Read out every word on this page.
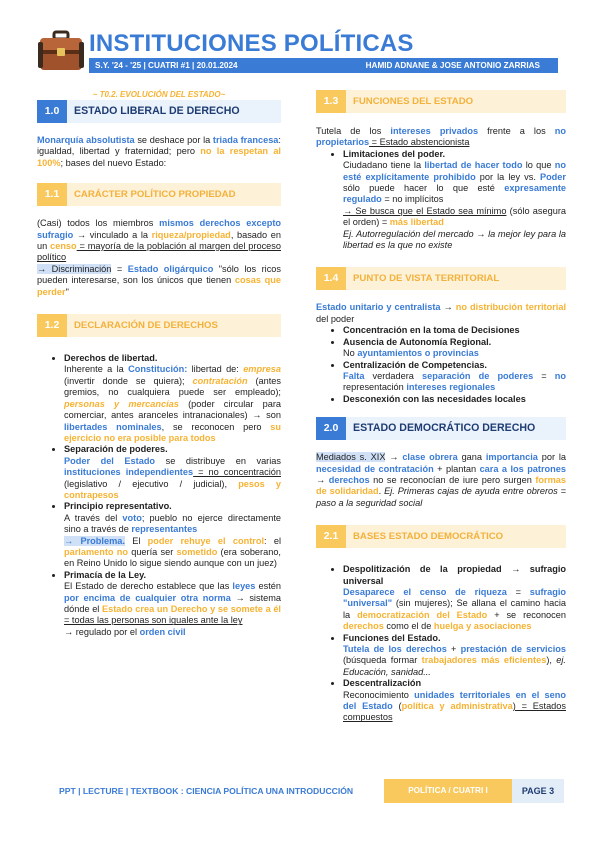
INSTITUCIONES POLÍTICAS
S.Y. '24 - '25 | CUATRI #1 | 20.01.2024	HAMID ADNANE & JOSE ANTONIO ZARRIAS
~ T0.2. EVOLUCIÓN DEL ESTADO~
1.0	ESTADO LIBERAL DE DERECHO

Monarquía absolutista se deshace por la triada francesa: igualdad, libertad y fraternidad; pero no la respetan al 100%; bases del nuevo Estado:

1.1	CARÁCTER POLÍTICO PROPIEDAD

(Casi) todos los miembros mismos derechos excepto sufragio → vinculado a la riqueza/propiedad, basado en un censo = mayoría de la población al margen del proceso político

→ Discriminación = Estado oligárquico "sólo los ricos pueden interesarse, son los únicos que tienen cosas que perder"

1.2	DECLARACIÓN DE DERECHOS
• Derechos de libertad.
Inherente a la Constitución: libertad de: empresa (invertir donde se quiera); contratación (antes gremios, no cualquiera puede ser empleado); personas y mercancías (poder circular para comerciar, antes aranceles intranacionales) → son libertades nominales, se reconocen pero su ejercicio no era posible para todos
• Separación de poderes.
Poder del Estado se distribuye en varias instituciones independientes = no concentración (legislativo / ejecutivo / judicial), pesos y contrapesos
• Principio representativo.
A través del voto; pueblo no ejerce directamente sino a través de representantes
→ Problema. El poder rehuye el control: el parlamento no quería ser sometido (era soberano, en Reino Unido lo sigue siendo aunque con un juez)
• Primacía de la Ley.
El Estado de derecho establece que las leyes estén por encima de cualquier otra norma → sistema dónde el Estado crea un Derecho y se somete a él = todas las personas son iguales ante la ley
→ regulado por el orden civil
1.3	FUNCIONES DEL ESTADO

Tutela de los intereses privados frente a los no propietarios = Estado abstencionista

• Limitaciones del poder.
Ciudadano tiene la libertad de hacer todo lo que no esté explícitamente prohibido por la ley vs. Poder sólo puede hacer lo que esté expresamente regulado = no implícitos
→ Se busca que el Estado sea mínimo (sólo asegura el orden) = más libertad
Ej. Autorregulación del mercado → la mejor ley para la libertad es la que no existe
1.4	PUNTO DE VISTA TERRITORIAL

Estado unitario y centralista → no distribución territorial del poder

• Concentración en la toma de Decisiones
• Ausencia de Autonomía Regional.
No ayuntamientos o provincias
• Centralización de Competencias.
Falta verdadera separación de poderes = no representación intereses regionales
• Desconexión con las necesidades locales
2.0	ESTADO DEMOCRÁTICO DERECHO

Mediados s. XIX → clase obrera gana importancia por la necesidad de contratación + plantan cara a los patrones → derechos no se reconocían de iure pero surgen formas de solidaridad. Ej. Primeras cajas de ayuda entre obreros = paso a la seguridad social

2.1	BASES ESTADO DEMOCRÁTICO
• Despolitización de la propiedad → sufragio universal
Desaparece el censo de riqueza = sufragio "universal" (sin mujeres); Se allana el camino hacia la democratización del Estado + se reconocen derechos como el de huelga y asociaciones
• Funciones del Estado.
Tutela de los derechos + prestación de servicios (búsqueda formar trabajadores más eficientes), ej. Educación, sanidad...
• Descentralización
Reconocimiento unidades territoriales en el seno del Estado (política y administrativa) = Estados compuestos
PPT | LECTURE | TEXTBOOK : CIENCIA POLÍTICA UNA INTRODUCCIÓN	POLÍTICA / CUATRI I	PAGE 3
